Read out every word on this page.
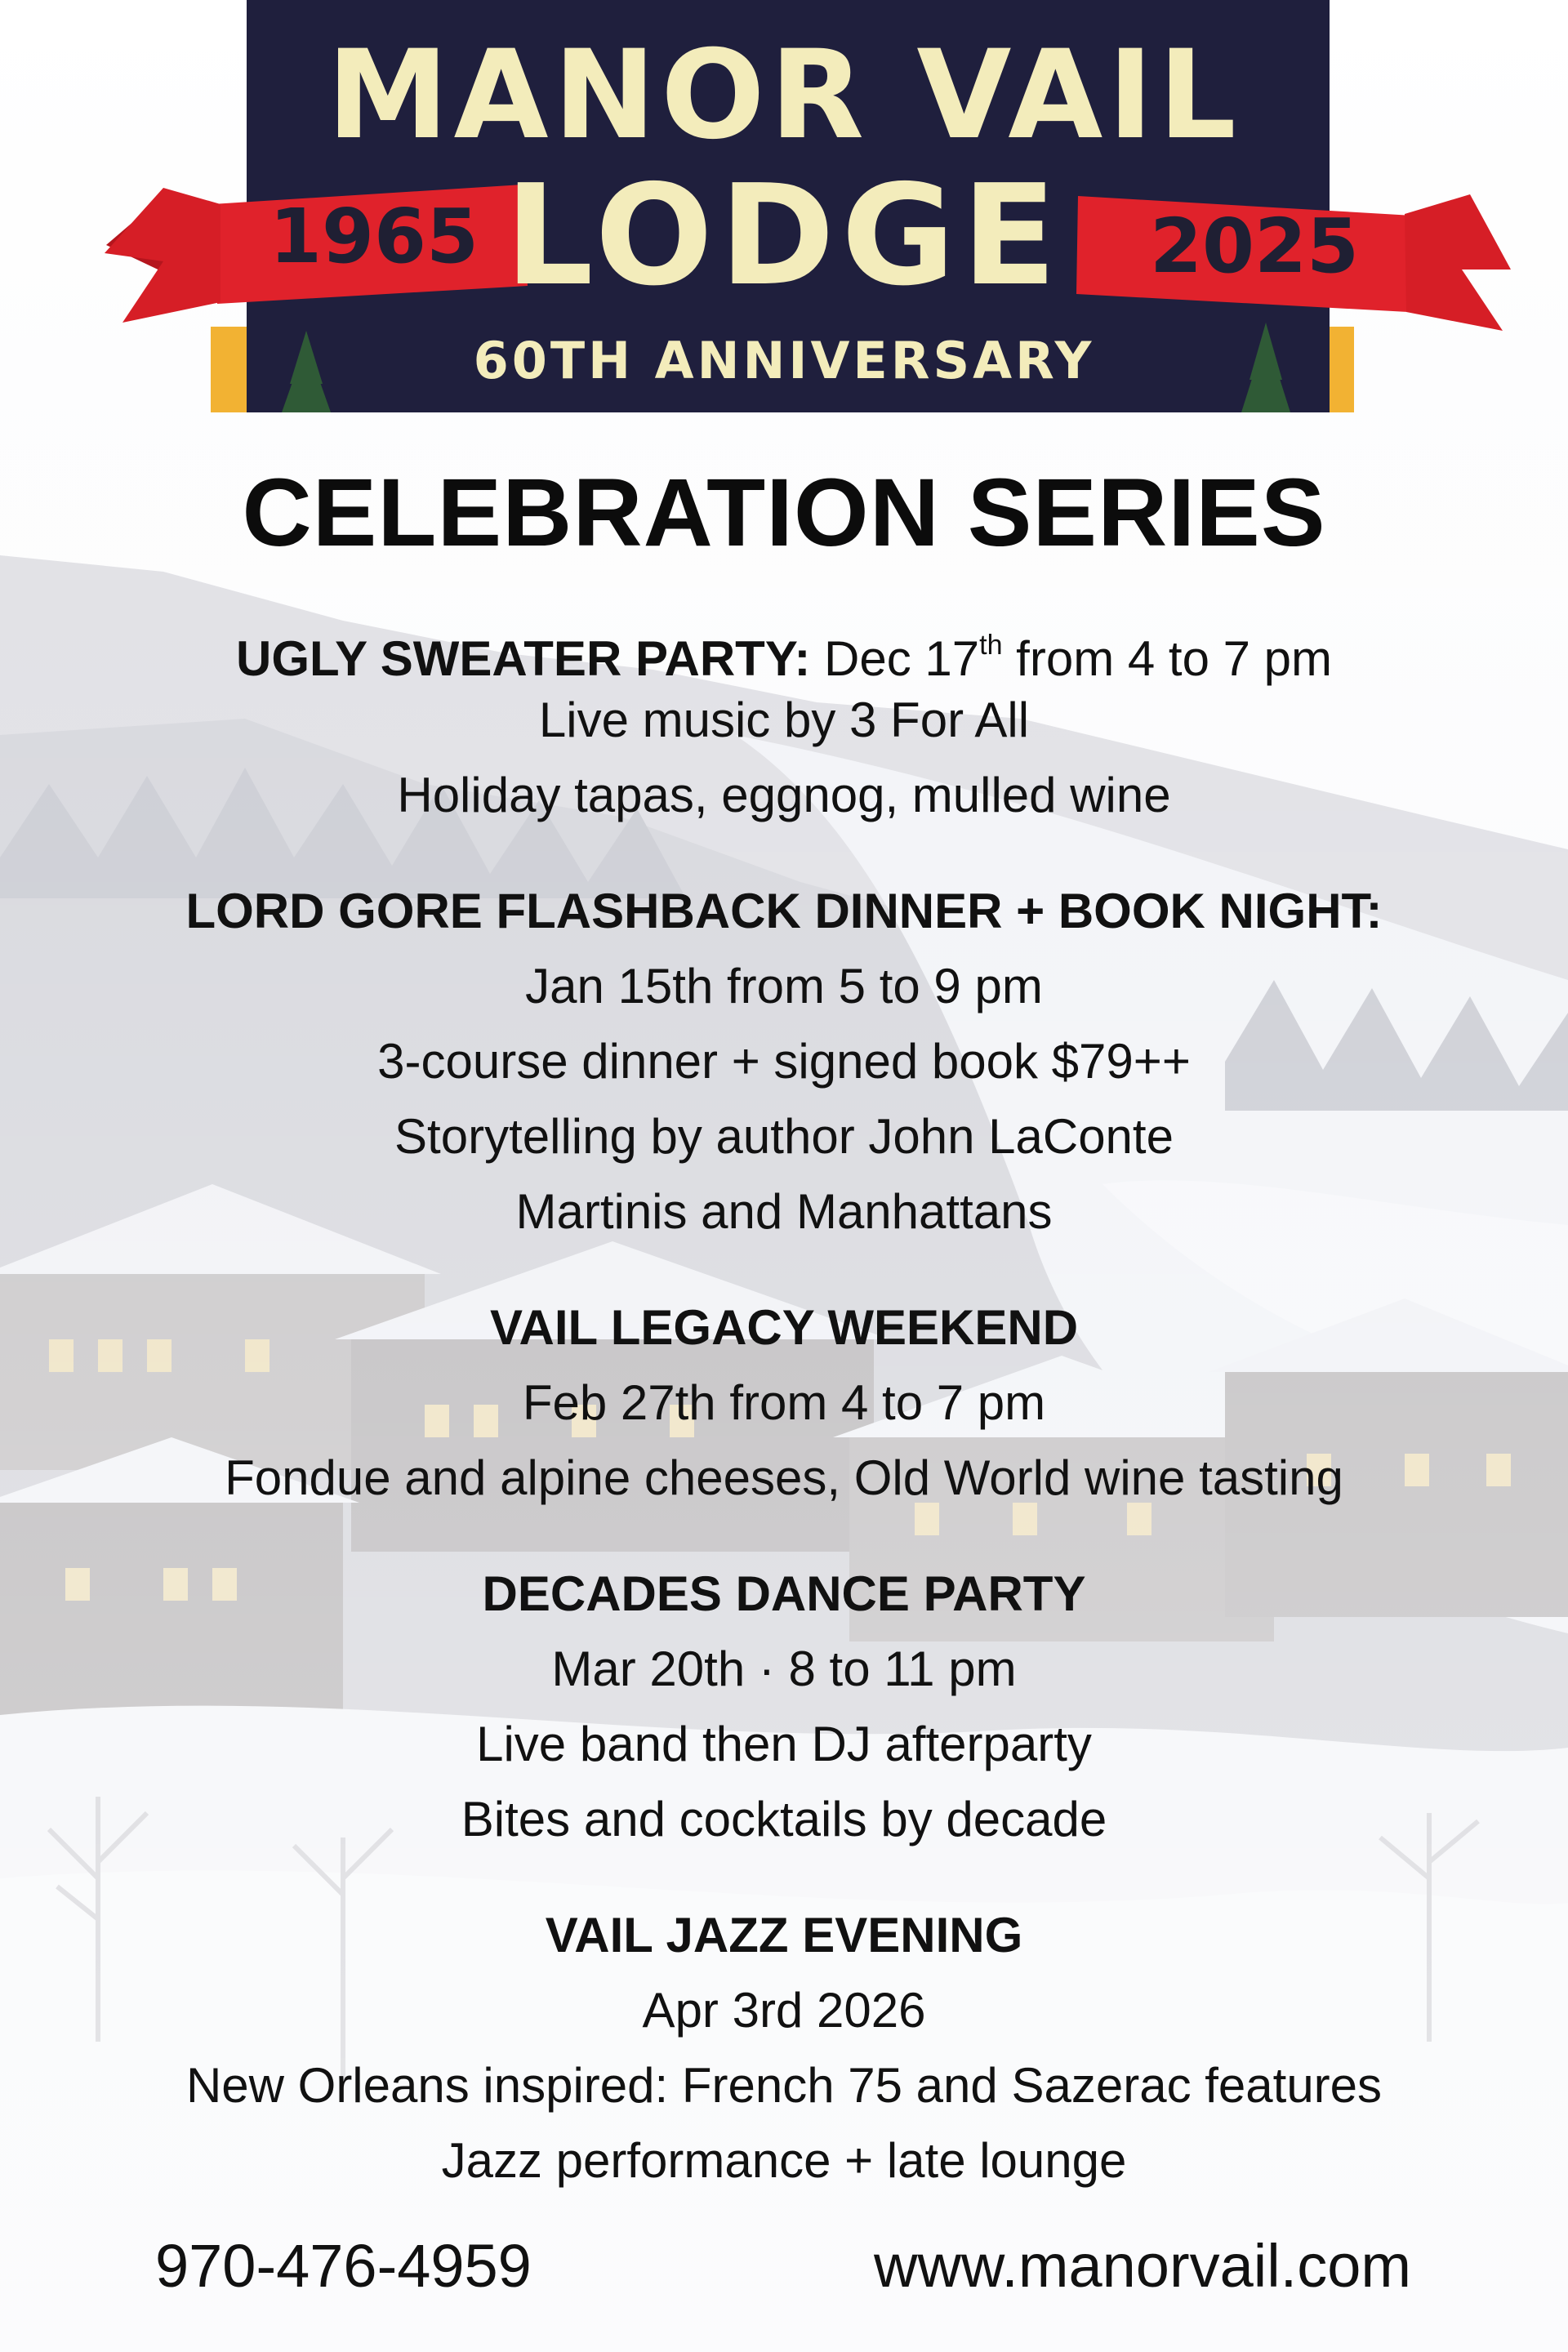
MANOR VAIL
LODGE
1965	2025
60TH ANNIVERSARY
CELEBRATION SERIES
UGLY SWEATER PARTY: Dec 17th from 4 to 7 pm
Live music by 3 For All
Holiday tapas, eggnog, mulled wine
LORD GORE FLASHBACK DINNER + BOOK NIGHT:
Jan 15th from 5 to 9 pm
3-course dinner + signed book $79++
Storytelling by author John LaConte
Martinis and Manhattans
VAIL LEGACY WEEKEND
Feb 27th from 4 to 7 pm
Fondue and alpine cheeses, Old World wine tasting
DECADES DANCE PARTY
Mar 20th · 8 to 11 pm
Live band then DJ afterparty
Bites and cocktails by decade
VAIL JAZZ EVENING
Apr 3rd 2026
New Orleans inspired: French 75 and Sazerac features
Jazz performance + late lounge
970-476-4959	www.manorvail.com
